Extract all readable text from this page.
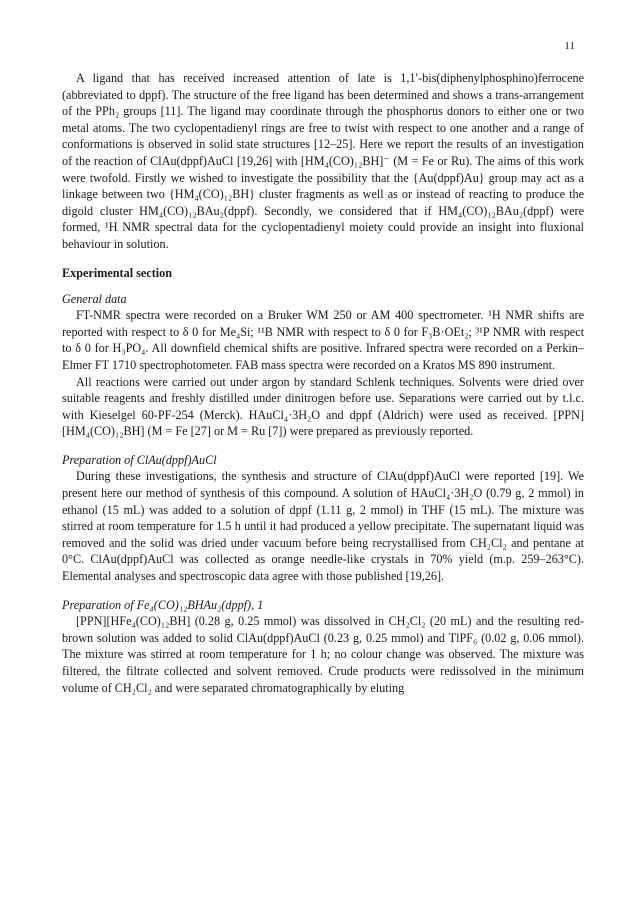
11

A ligand that has received increased attention of late is 1,1′-bis(diphenylphosphino)ferrocene (abbreviated to dppf). The structure of the free ligand has been determined and shows a trans-arrangement of the PPh₂ groups [11]. The ligand may coordinate through the phosphorus donors to either one or two metal atoms. The two cyclopentadienyl rings are free to twist with respect to one another and a range of conformations is observed in solid state structures [12–25]. Here we report the results of an investigation of the reaction of ClAu(dppf)AuCl [19,26] with [HM₄(CO)₁₂BH]⁻ (M = Fe or Ru). The aims of this work were twofold. Firstly we wished to investigate the possibility that the {Au(dppf)Au} group may act as a linkage between two {HM₄(CO)₁₂BH} cluster fragments as well as or instead of reacting to produce the digold cluster HM₄(CO)₁₂BAu₂(dppf). Secondly, we considered that if HM₄(CO)₁₂BAu₂(dppf) were formed, ¹H NMR spectral data for the cyclopentadienyl moiety could provide an insight into fluxional behaviour in solution.

Experimental section
General data

FT-NMR spectra were recorded on a Bruker WM 250 or AM 400 spectrometer. ¹H NMR shifts are reported with respect to δ 0 for Me₄Si; ¹¹B NMR with respect to δ 0 for F₃B·OEt₂; ³¹P NMR with respect to δ 0 for H₃PO₄. All downfield chemical shifts are positive. Infrared spectra were recorded on a Perkin–Elmer FT 1710 spectrophotometer. FAB mass spectra were recorded on a Kratos MS 890 instrument.

All reactions were carried out under argon by standard Schlenk techniques. Solvents were dried over suitable reagents and freshly distilled under dinitrogen before use. Separations were carried out by t.l.c. with Kieselgel 60-PF-254 (Merck). HAuCl₄·3H₂O and dppf (Aldrich) were used as received. [PPN][HM₄(CO)₁₂BH] (M = Fe [27] or M = Ru [7]) were prepared as previously reported.

Preparation of ClAu(dppf)AuCl

During these investigations, the synthesis and structure of ClAu(dppf)AuCl were reported [19]. We present here our method of synthesis of this compound. A solution of HAuCl₄·3H₂O (0.79 g, 2 mmol) in ethanol (15 mL) was added to a solution of dppf (1.11 g, 2 mmol) in THF (15 mL). The mixture was stirred at room temperature for 1.5 h until it had produced a yellow precipitate. The supernatant liquid was removed and the solid was dried under vacuum before being recrystallised from CH₂Cl₂ and pentane at 0°C. ClAu(dppf)AuCl was collected as orange needle-like crystals in 70% yield (m.p. 259–263°C). Elemental analyses and spectroscopic data agree with those published [19,26].

Preparation of Fe₄(CO)₁₂BHAu₂(dppf), 1

[PPN][HFe₄(CO)₁₂BH] (0.28 g, 0.25 mmol) was dissolved in CH₂Cl₂ (20 mL) and the resulting red-brown solution was added to solid ClAu(dppf)AuCl (0.23 g, 0.25 mmol) and TlPF₆ (0.02 g, 0.06 mmol). The mixture was stirred at room temperature for 1 h; no colour change was observed. The mixture was filtered, the filtrate collected and solvent removed. Crude products were redissolved in the minimum volume of CH₂Cl₂ and were separated chromatographically by eluting
